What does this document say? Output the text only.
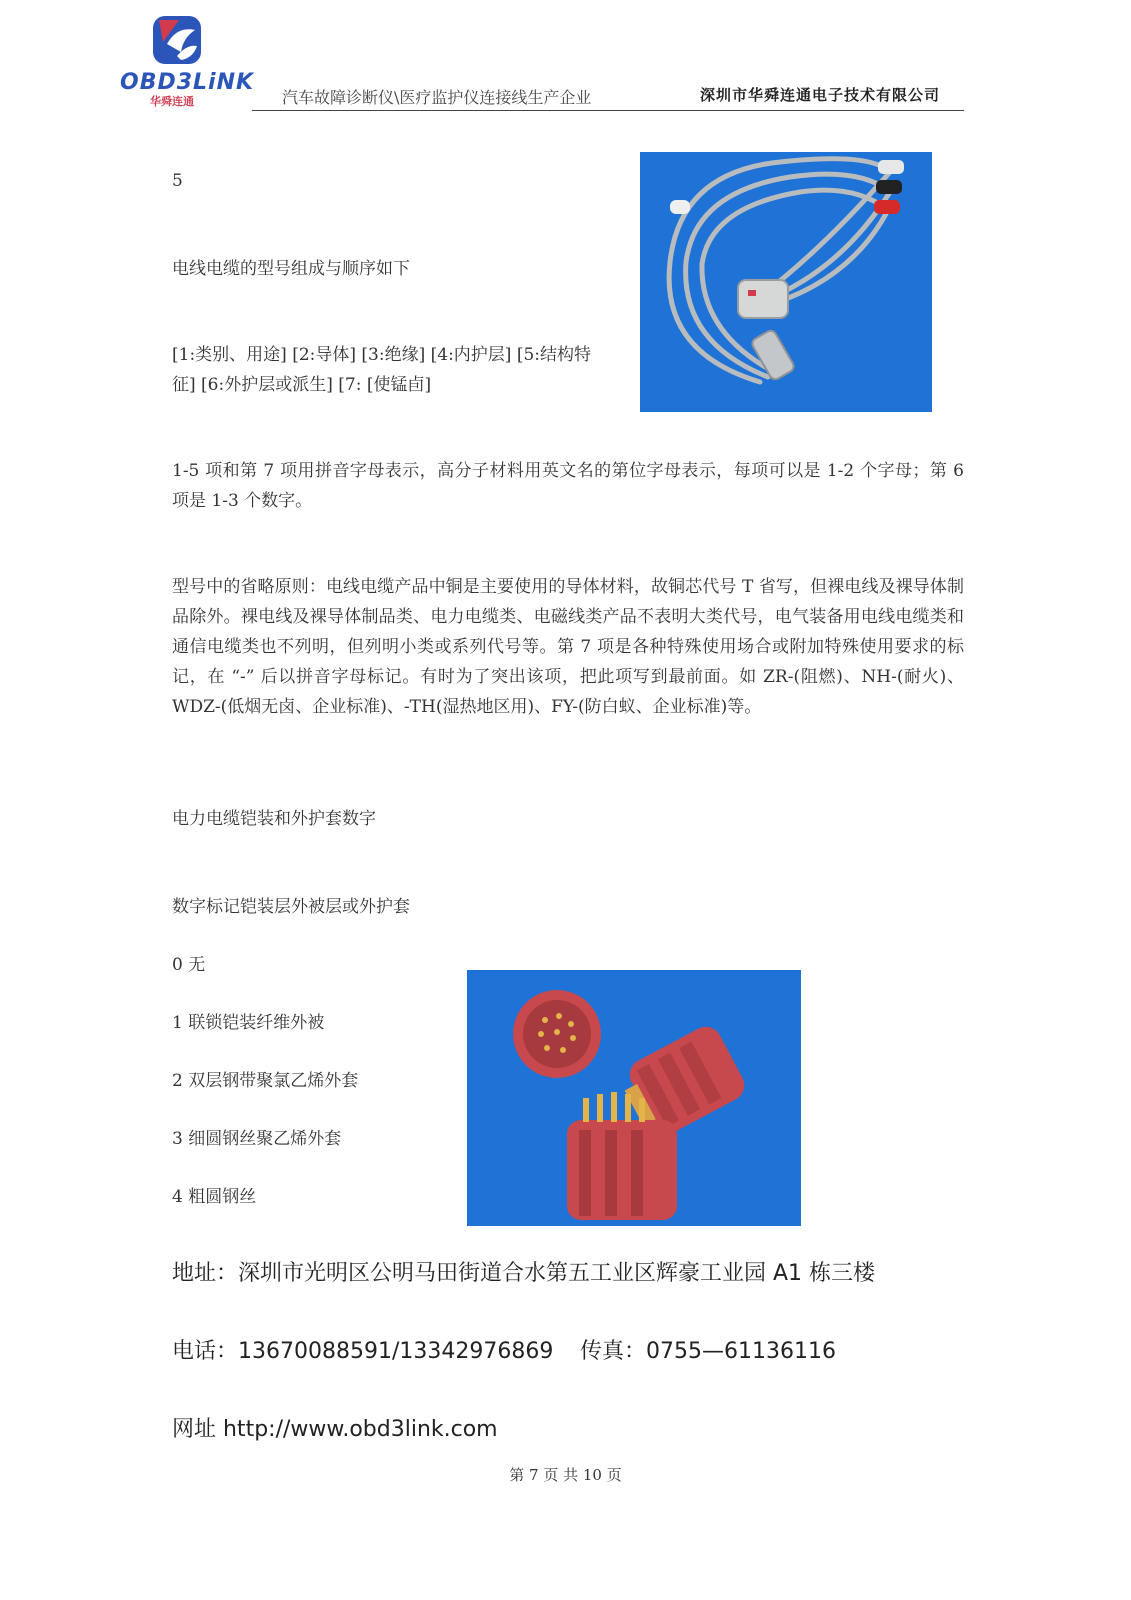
OBD3LiNK
华舜连通	汽车故障诊断仪\医疗监护仪连接线生产企业	深圳市华舜连通电子技术有限公司
5
电线电缆的型号组成与顺序如下
[1:类别、用途] [2:导体] [3:绝缘] [4:内护层] [5:结构特
征] [6:外护层或派生] [7: [使锰卣]
1-5 项和第 7 项用拼音字母表示，高分子材料用英文名的第位字母表示，每项可以是 1-2 个字母；第 6 项是 1-3 个数字。
型号中的省略原则：电线电缆产品中铜是主要使用的导体材料，故铜芯代号 T 省写，但裸电线及裸导体制品除外。裸电线及裸导体制品类、电力电缆类、电磁线类产品不表明大类代号，电气装备用电线电缆类和通信电缆类也不列明，但列明小类或系列代号等。第 7 项是各种特殊使用场合或附加特殊使用要求的标记，在 “-” 后以拼音字母标记。有时为了突出该项，把此项写到最前面。如 ZR-(阻燃)、NH-(耐火)、WDZ-(低烟无卤、企业标准)、-TH(湿热地区用)、FY-(防白蚁、企业标准)等。
电力电缆铠装和外护套数字
数字标记铠装层外被层或外护套
0 无
1 联锁铠装纤维外被
2 双层钢带聚氯乙烯外套
3 细圆钢丝聚乙烯外套
4 粗圆钢丝
地址：深圳市光明区公明马田街道合水第五工业区辉豪工业园 A1 栋三楼
电话：13670088591/13342976869 传真：0755—61136116
网址 http://www.obd3link.com
第 7 页 共 10 页
